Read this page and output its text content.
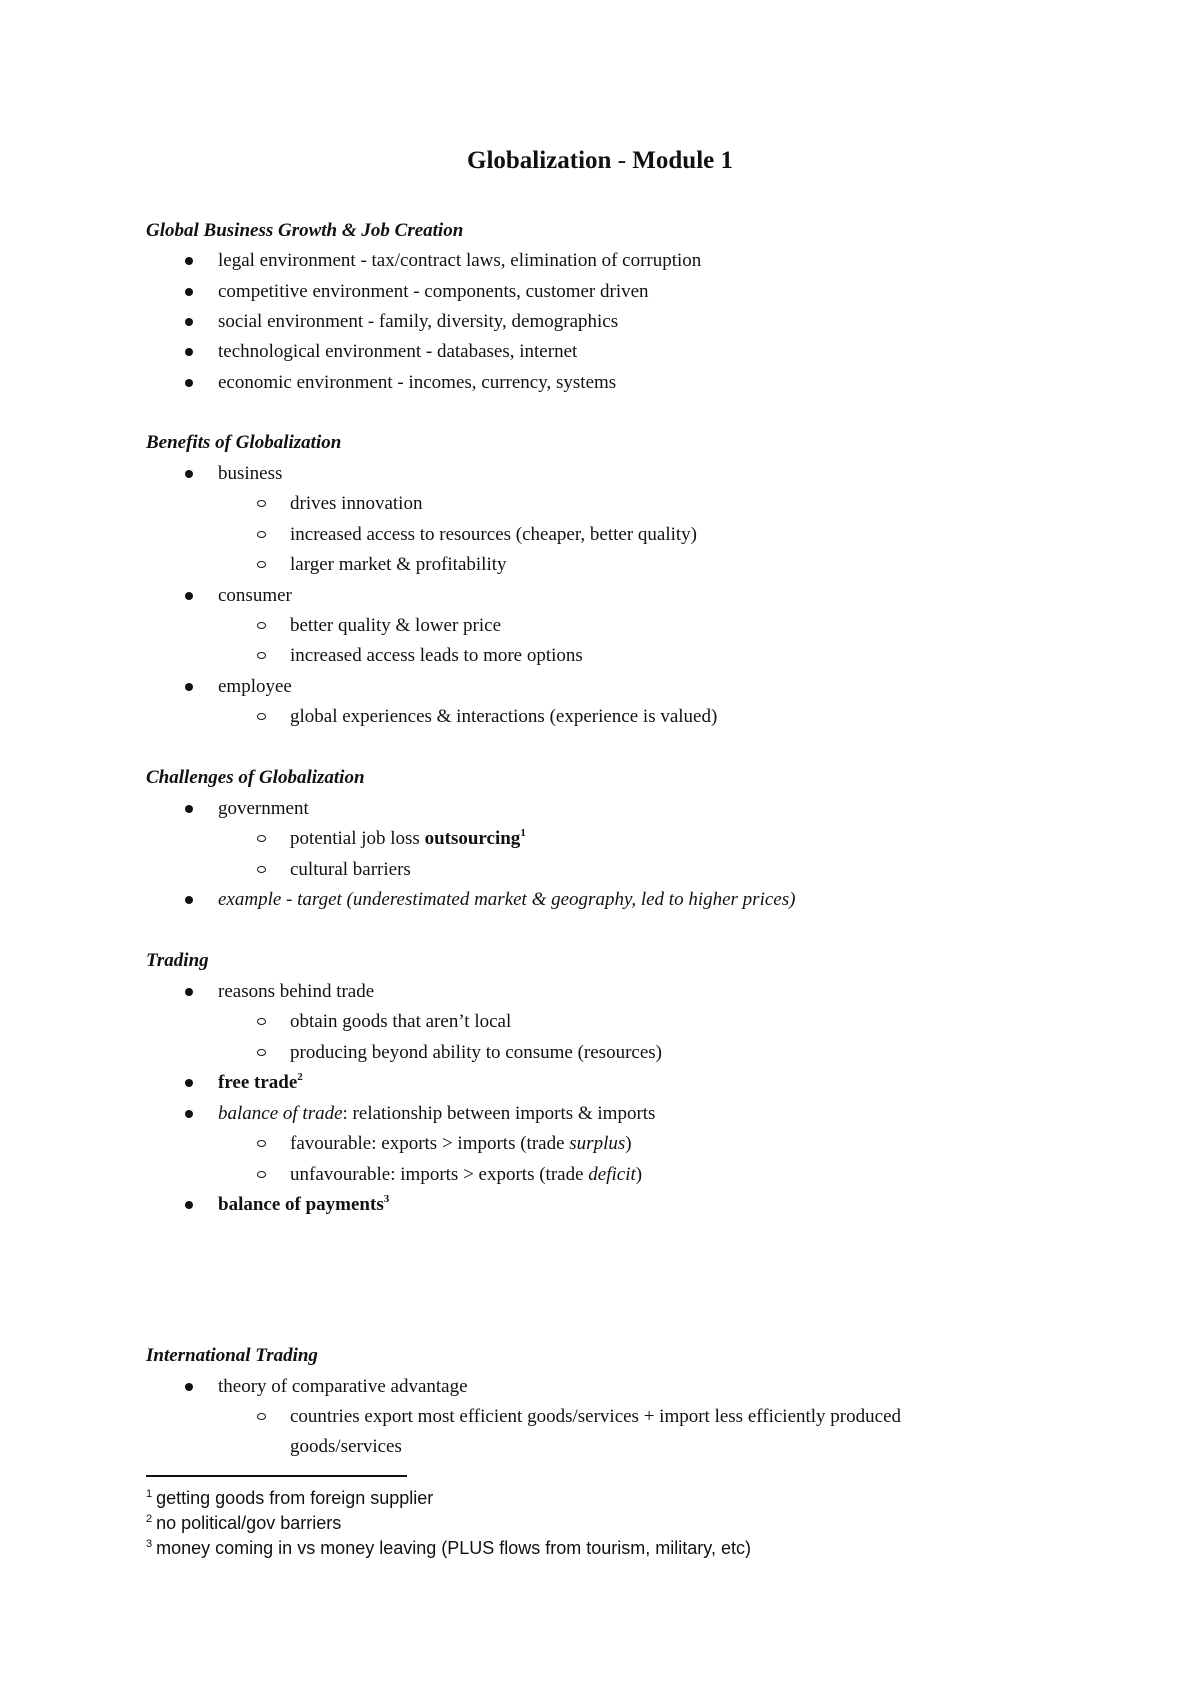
Globalization - Module 1

Global Business Growth & Job Creation

legal environment - tax/contract laws, elimination of corruption

competitive environment - components, customer driven

social environment - family, diversity, demographics

technological environment - databases, internet

economic environment - incomes, currency, systems

Benefits of Globalization

business

drives innovation

increased access to resources (cheaper, better quality)

larger market & profitability

consumer

better quality & lower price

increased access leads to more options

employee

global experiences & interactions (experience is valued)

Challenges of Globalization

government

potential job loss outsourcing$^1$

cultural barriers

example - target (underestimated market & geography, led to higher prices)

Trading

reasons behind trade

obtain goods that aren’t local

producing beyond ability to consume (resources)

free trade$^2$

balance of trade: relationship between imports & imports

favourable: exports > imports (trade surplus)

unfavourable: imports > exports (trade deficit)

balance of payments$^3$

International Trading

theory of comparative advantage

countries export most efficient goods/services + import less efficiently produced

goods/services

$^1$ getting goods from foreign supplier

$^2$ no political/gov barriers

$^3$ money coming in vs money leaving (PLUS flows from tourism, military, etc)
